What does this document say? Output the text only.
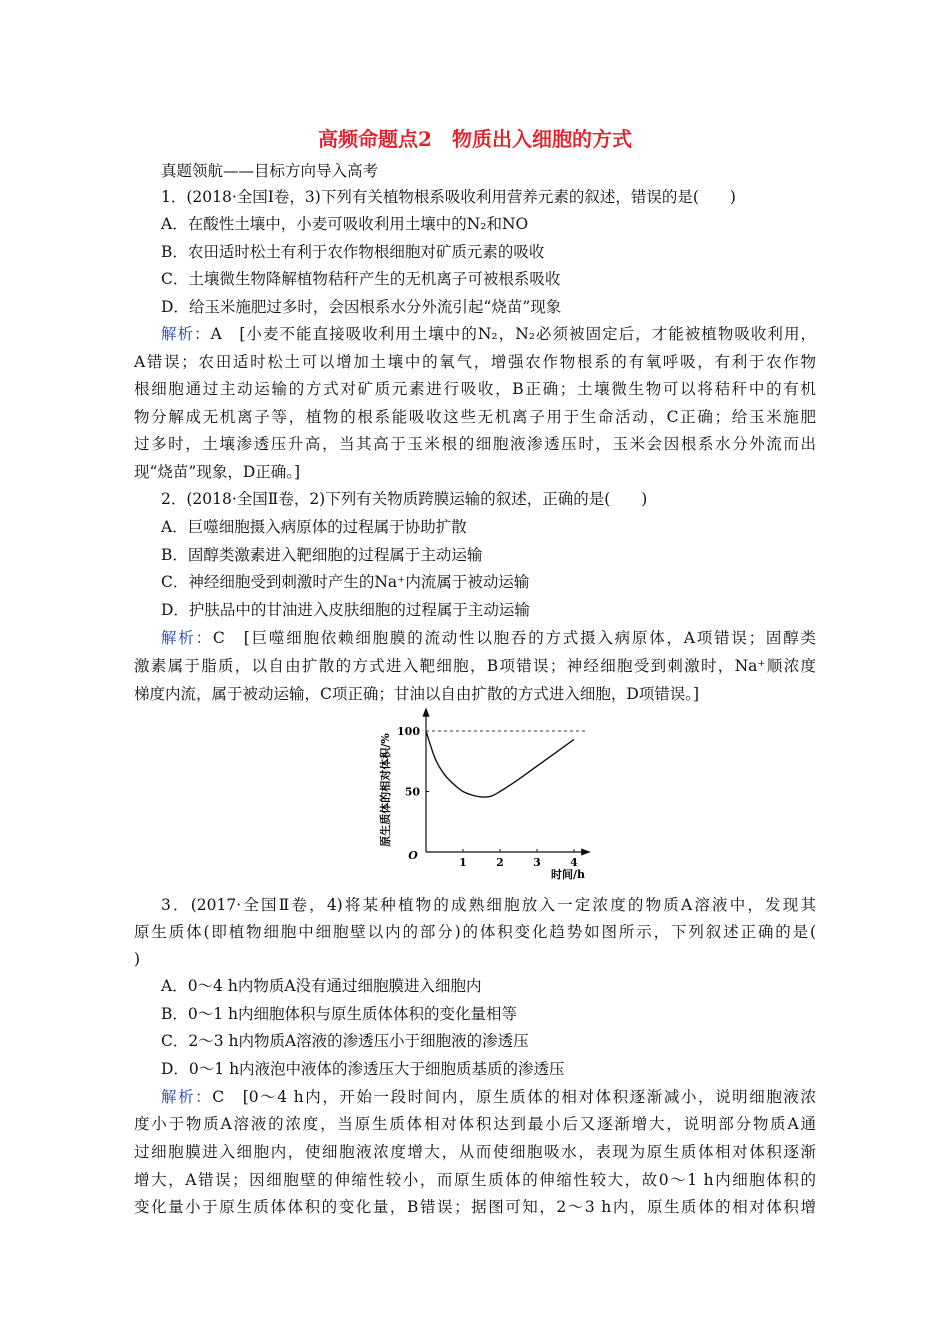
高频命题点2　物质出入细胞的方式
真题领航——目标方向导入高考
1．(2018·全国Ⅰ卷，3)下列有关植物根系吸收利用营养元素的叙述，错误的是(　　)
A．在酸性土壤中，小麦可吸收利用土壤中的N₂和NO
B．农田适时松土有利于农作物根细胞对矿质元素的吸收
C．土壤微生物降解植物秸秆产生的无机离子可被根系吸收
D．给玉米施肥过多时，会因根系水分外流引起“烧苗”现象
解析：A　[小麦不能直接吸收利用土壤中的N₂，N₂必须被固定后，才能被植物吸收利用，
A错误；农田适时松土可以增加土壤中的氧气，增强农作物根系的有氧呼吸，有利于农作物
根细胞通过主动运输的方式对矿质元素进行吸收，B正确；土壤微生物可以将秸秆中的有机
物分解成无机离子等，植物的根系能吸收这些无机离子用于生命活动，C正确；给玉米施肥
过多时，土壤渗透压升高，当其高于玉米根的细胞液渗透压时，玉米会因根系水分外流而出
现“烧苗”现象，D正确。]
2．(2018·全国Ⅱ卷，2)下列有关物质跨膜运输的叙述，正确的是(　　)
A．巨噬细胞摄入病原体的过程属于协助扩散
B．固醇类激素进入靶细胞的过程属于主动运输
C．神经细胞受到刺激时产生的Na⁺内流属于被动运输
D．护肤品中的甘油进入皮肤细胞的过程属于主动运输
解析：C　[巨噬细胞依赖细胞膜的流动性以胞吞的方式摄入病原体，A项错误；固醇类
激素属于脂质，以自由扩散的方式进入靶细胞，B项错误；神经细胞受到刺激时，Na⁺顺浓度
梯度内流，属于被动运输，C项正确；甘油以自由扩散的方式进入细胞，D项错误。]
1	2	3	4
50
100
原生质体的相对体积/%
时间/h
O
3．(2017·全国Ⅱ卷，4)将某种植物的成熟细胞放入一定浓度的物质A溶液中，发现其
原生质体(即植物细胞中细胞壁以内的部分)的体积变化趋势如图所示，下列叙述正确的是(
)
A．0～4 h内物质A没有通过细胞膜进入细胞内
B．0～1 h内细胞体积与原生质体体积的变化量相等
C．2～3 h内物质A溶液的渗透压小于细胞液的渗透压
D．0～1 h内液泡中液体的渗透压大于细胞质基质的渗透压
解析：C　[0～4 h内，开始一段时间内，原生质体的相对体积逐渐减小，说明细胞液浓
度小于物质A溶液的浓度，当原生质体相对体积达到最小后又逐渐增大，说明部分物质A通
过细胞膜进入细胞内，使细胞液浓度增大，从而使细胞吸水，表现为原生质体相对体积逐渐
增大，A错误；因细胞壁的伸缩性较小，而原生质体的伸缩性较大，故0～1 h内细胞体积的
变化量小于原生质体体积的变化量，B错误；据图可知，2～3 h内，原生质体的相对体积增
